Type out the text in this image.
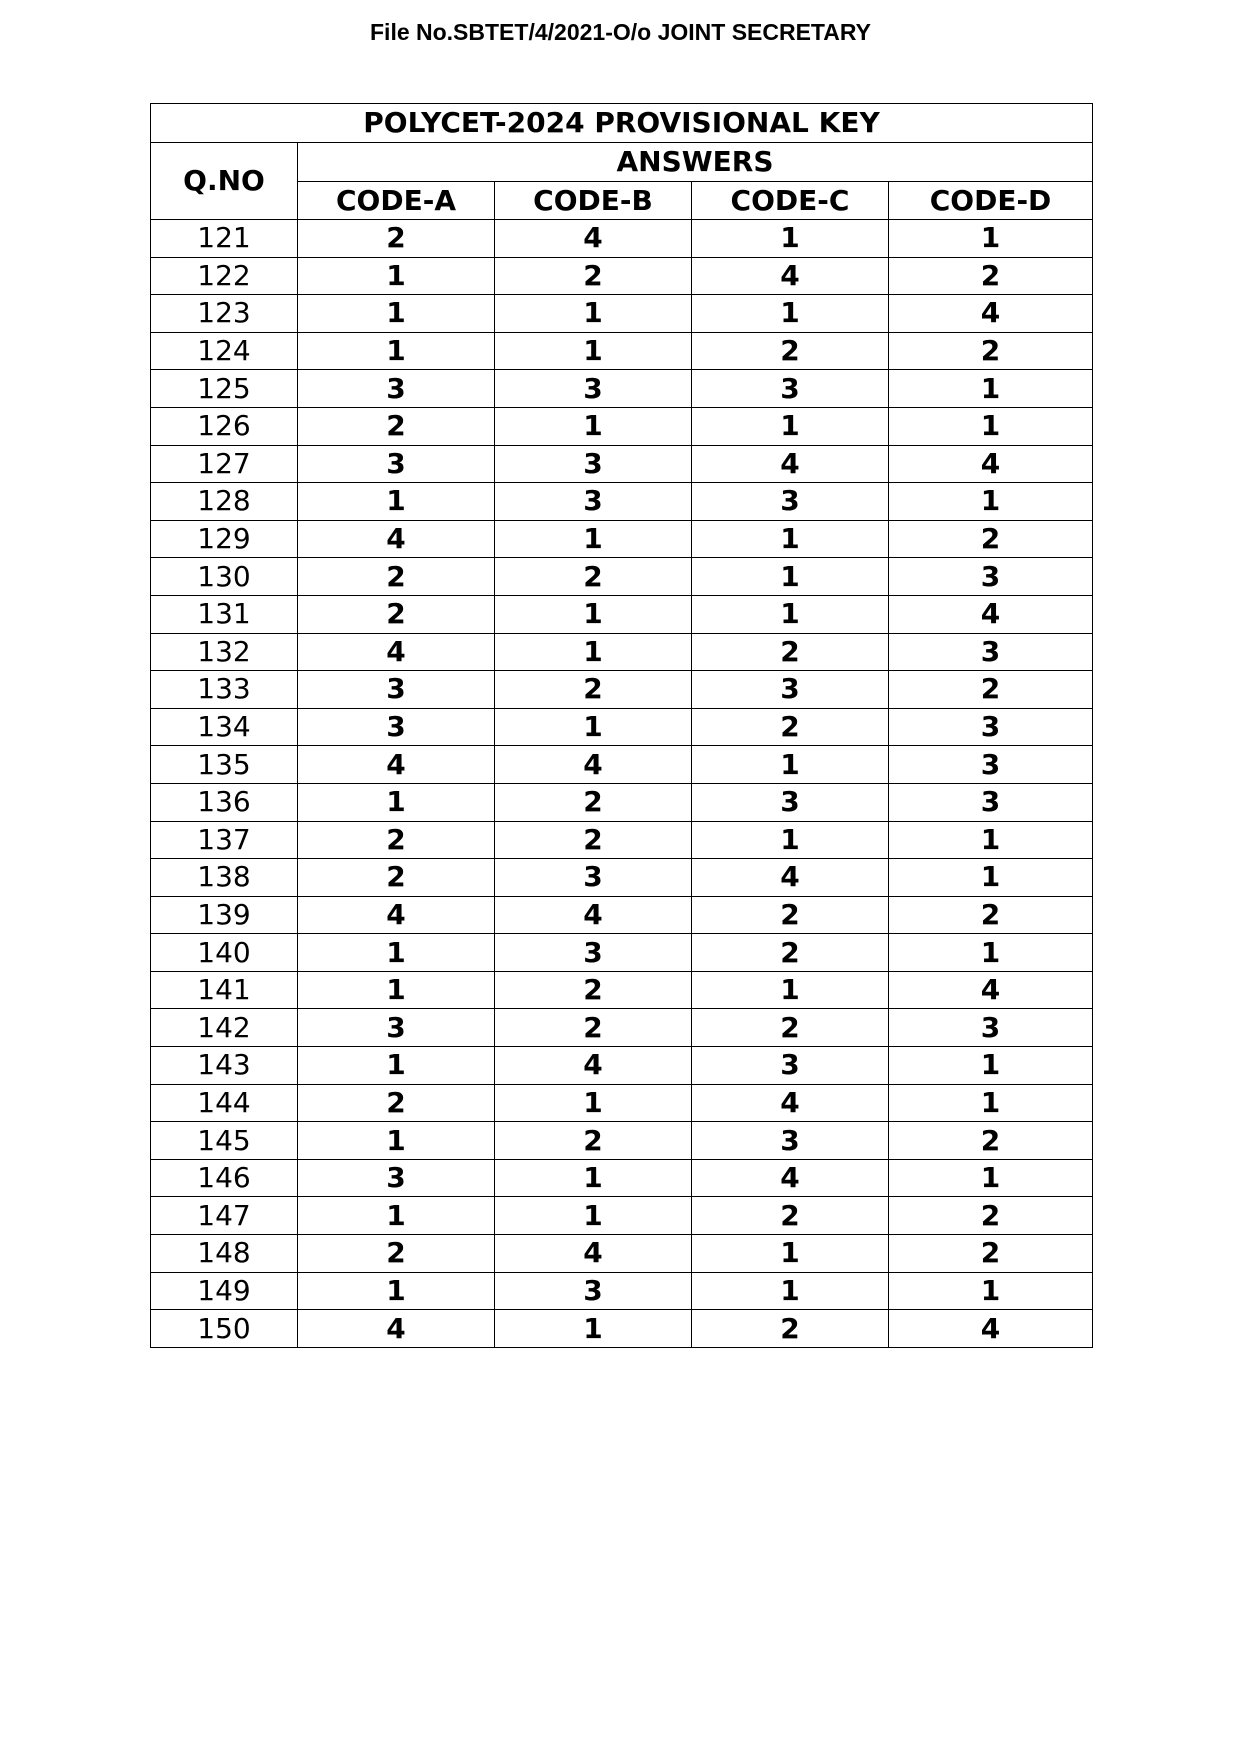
File No.SBTET/4/2021-O/o JOINT SECRETARY
POLYCET-2024 PROVISIONAL KEY				
Q.NO	ANSWERS			
	CODE-A	CODE-B	CODE-C	CODE-D
121	2	4	1	1
122	1	2	4	2
123	1	1	1	4
124	1	1	2	2
125	3	3	3	1
126	2	1	1	1
127	3	3	4	4
128	1	3	3	1
129	4	1	1	2
130	2	2	1	3
131	2	1	1	4
132	4	1	2	3
133	3	2	3	2
134	3	1	2	3
135	4	4	1	3
136	1	2	3	3
137	2	2	1	1
138	2	3	4	1
139	4	4	2	2
140	1	3	2	1
141	1	2	1	4
142	3	2	2	3
143	1	4	3	1
144	2	1	4	1
145	1	2	3	2
146	3	1	4	1
147	1	1	2	2
148	2	4	1	2
149	1	3	1	1
150	4	1	2	4
